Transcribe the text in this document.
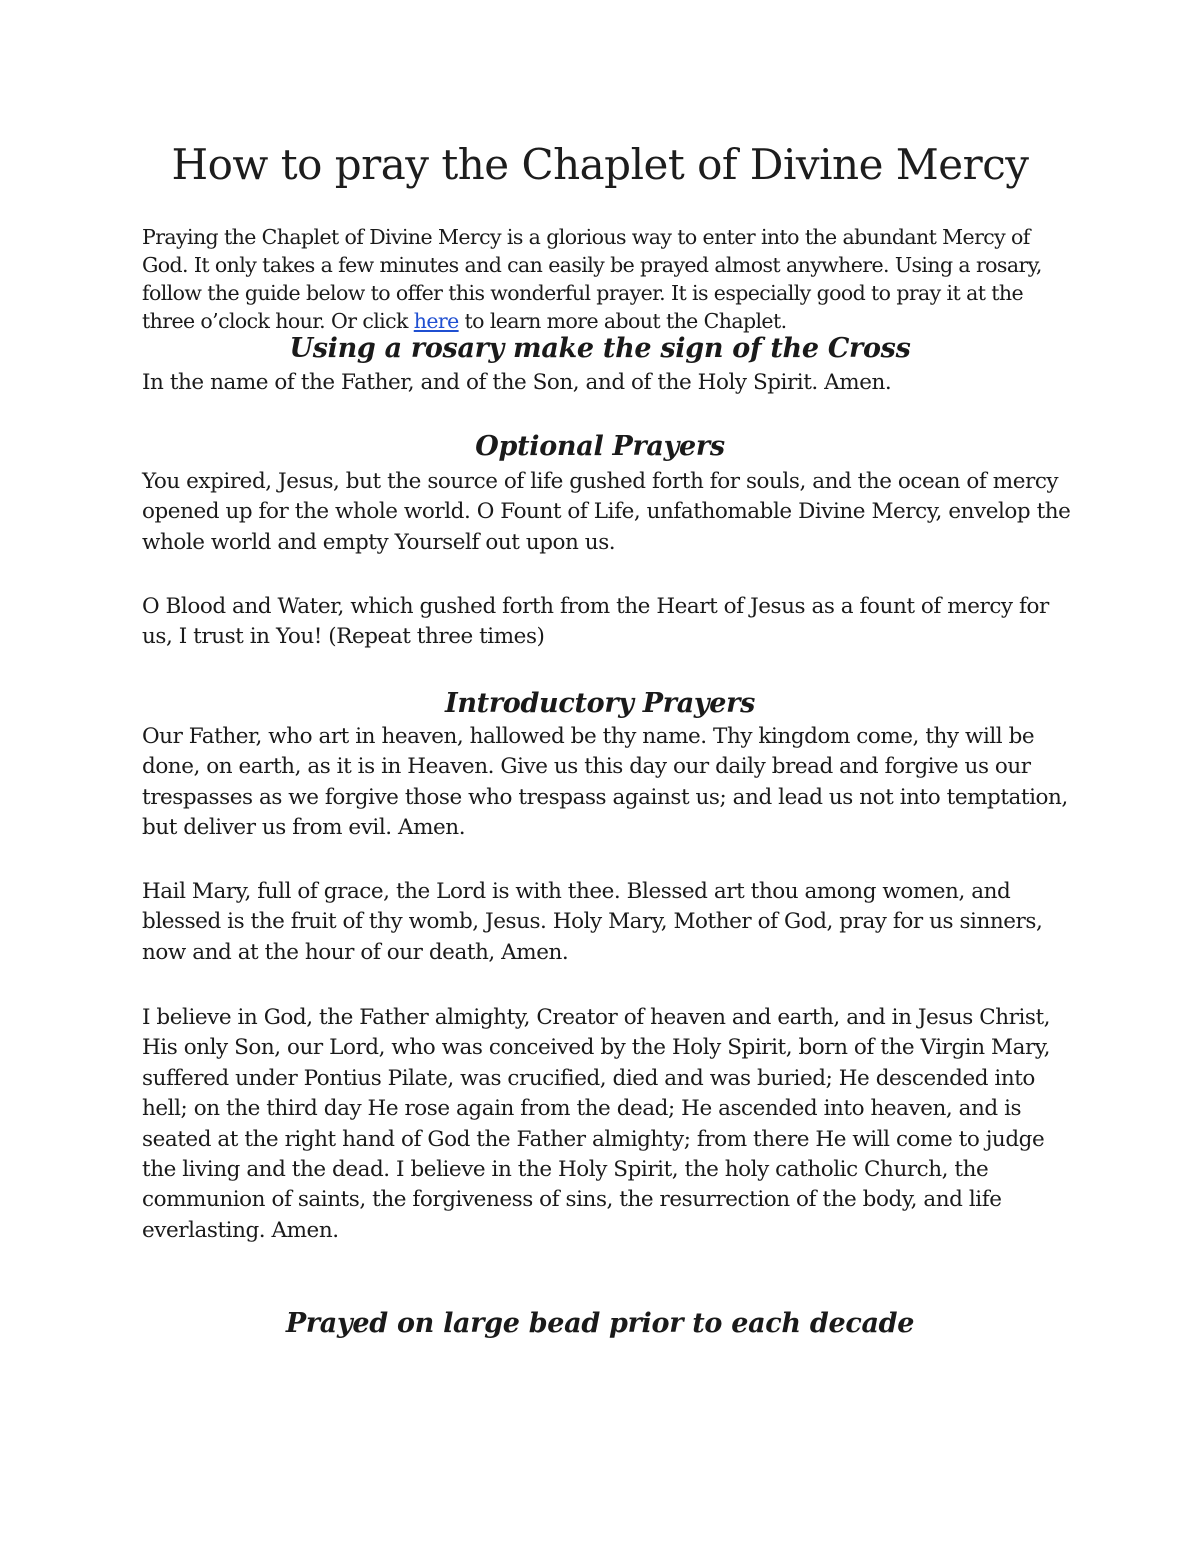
How to pray the Chaplet of Divine Mercy

Praying the Chaplet of Divine Mercy is a glorious way to enter into the abundant Mercy of God. It only takes a few minutes and can easily be prayed almost anywhere. Using a rosary, follow the guide below to offer this wonderful prayer. It is especially good to pray it at the three o’clock hour. Or click here to learn more about the Chaplet.

Using a rosary make the sign of the Cross

In the name of the Father, and of the Son, and of the Holy Spirit. Amen.

Optional Prayers

You expired, Jesus, but the source of life gushed forth for souls, and the ocean of mercy opened up for the whole world. O Fount of Life, unfathomable Divine Mercy, envelop the whole world and empty Yourself out upon us.

O Blood and Water, which gushed forth from the Heart of Jesus as a fount of mercy for us, I trust in You! (Repeat three times)

Introductory Prayers

Our Father, who art in heaven, hallowed be thy name. Thy kingdom come, thy will be done, on earth, as it is in Heaven. Give us this day our daily bread and forgive us our trespasses as we forgive those who trespass against us; and lead us not into temptation, but deliver us from evil. Amen.

Hail Mary, full of grace, the Lord is with thee. Blessed art thou among women, and blessed is the fruit of thy womb, Jesus. Holy Mary, Mother of God, pray for us sinners, now and at the hour of our death, Amen.

I believe in God, the Father almighty, Creator of heaven and earth, and in Jesus Christ, His only Son, our Lord, who was conceived by the Holy Spirit, born of the Virgin Mary, suffered under Pontius Pilate, was crucified, died and was buried; He descended into hell; on the third day He rose again from the dead; He ascended into heaven, and is seated at the right hand of God the Father almighty; from there He will come to judge the living and the dead. I believe in the Holy Spirit, the holy catholic Church, the communion of saints, the forgiveness of sins, the resurrection of the body, and life everlasting. Amen.

Prayed on large bead prior to each decade
